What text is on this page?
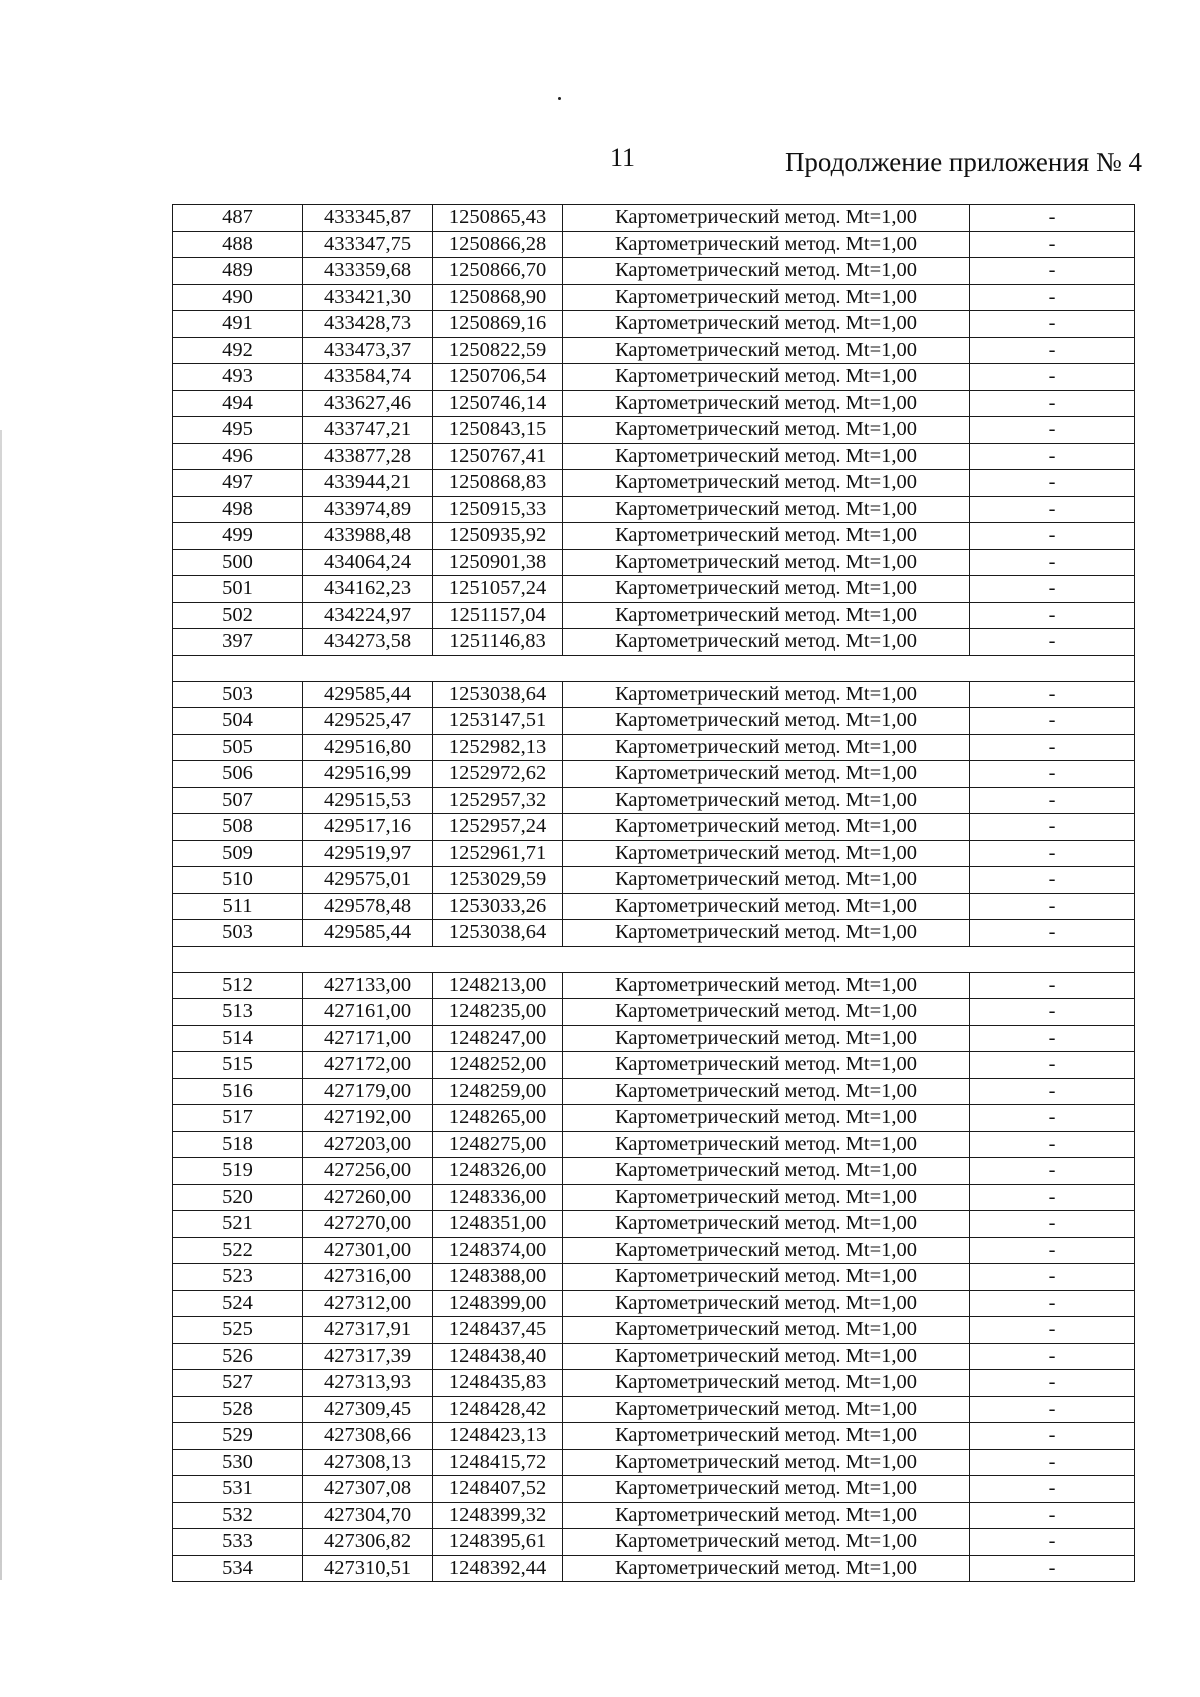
11	Продолжение приложения № 4
487	433345,87	1250865,43	Картометрический метод. Mt=1,00	-
488	433347,75	1250866,28	Картометрический метод. Mt=1,00	-
489	433359,68	1250866,70	Картометрический метод. Mt=1,00	-
490	433421,30	1250868,90	Картометрический метод. Mt=1,00	-
491	433428,73	1250869,16	Картометрический метод. Mt=1,00	-
492	433473,37	1250822,59	Картометрический метод. Mt=1,00	-
493	433584,74	1250706,54	Картометрический метод. Mt=1,00	-
494	433627,46	1250746,14	Картометрический метод. Mt=1,00	-
495	433747,21	1250843,15	Картометрический метод. Mt=1,00	-
496	433877,28	1250767,41	Картометрический метод. Mt=1,00	-
497	433944,21	1250868,83	Картометрический метод. Mt=1,00	-
498	433974,89	1250915,33	Картометрический метод. Mt=1,00	-
499	433988,48	1250935,92	Картометрический метод. Mt=1,00	-
500	434064,24	1250901,38	Картометрический метод. Mt=1,00	-
501	434162,23	1251057,24	Картометрический метод. Mt=1,00	-
502	434224,97	1251157,04	Картометрический метод. Mt=1,00	-
397	434273,58	1251146,83	Картометрический метод. Mt=1,00	-

503	429585,44	1253038,64	Картометрический метод. Mt=1,00	-
504	429525,47	1253147,51	Картометрический метод. Mt=1,00	-
505	429516,80	1252982,13	Картометрический метод. Mt=1,00	-
506	429516,99	1252972,62	Картометрический метод. Mt=1,00	-
507	429515,53	1252957,32	Картометрический метод. Mt=1,00	-
508	429517,16	1252957,24	Картометрический метод. Mt=1,00	-
509	429519,97	1252961,71	Картометрический метод. Mt=1,00	-
510	429575,01	1253029,59	Картометрический метод. Mt=1,00	-
511	429578,48	1253033,26	Картометрический метод. Mt=1,00	-
503	429585,44	1253038,64	Картометрический метод. Mt=1,00	-

512	427133,00	1248213,00	Картометрический метод. Mt=1,00	-
513	427161,00	1248235,00	Картометрический метод. Mt=1,00	-
514	427171,00	1248247,00	Картометрический метод. Mt=1,00	-
515	427172,00	1248252,00	Картометрический метод. Mt=1,00	-
516	427179,00	1248259,00	Картометрический метод. Mt=1,00	-
517	427192,00	1248265,00	Картометрический метод. Mt=1,00	-
518	427203,00	1248275,00	Картометрический метод. Mt=1,00	-
519	427256,00	1248326,00	Картометрический метод. Mt=1,00	-
520	427260,00	1248336,00	Картометрический метод. Mt=1,00	-
521	427270,00	1248351,00	Картометрический метод. Mt=1,00	-
522	427301,00	1248374,00	Картометрический метод. Mt=1,00	-
523	427316,00	1248388,00	Картометрический метод. Mt=1,00	-
524	427312,00	1248399,00	Картометрический метод. Mt=1,00	-
525	427317,91	1248437,45	Картометрический метод. Mt=1,00	-
526	427317,39	1248438,40	Картометрический метод. Mt=1,00	-
527	427313,93	1248435,83	Картометрический метод. Mt=1,00	-
528	427309,45	1248428,42	Картометрический метод. Mt=1,00	-
529	427308,66	1248423,13	Картометрический метод. Mt=1,00	-
530	427308,13	1248415,72	Картометрический метод. Mt=1,00	-
531	427307,08	1248407,52	Картометрический метод. Mt=1,00	-
532	427304,70	1248399,32	Картометрический метод. Mt=1,00	-
533	427306,82	1248395,61	Картометрический метод. Mt=1,00	-
534	427310,51	1248392,44	Картометрический метод. Mt=1,00	-
